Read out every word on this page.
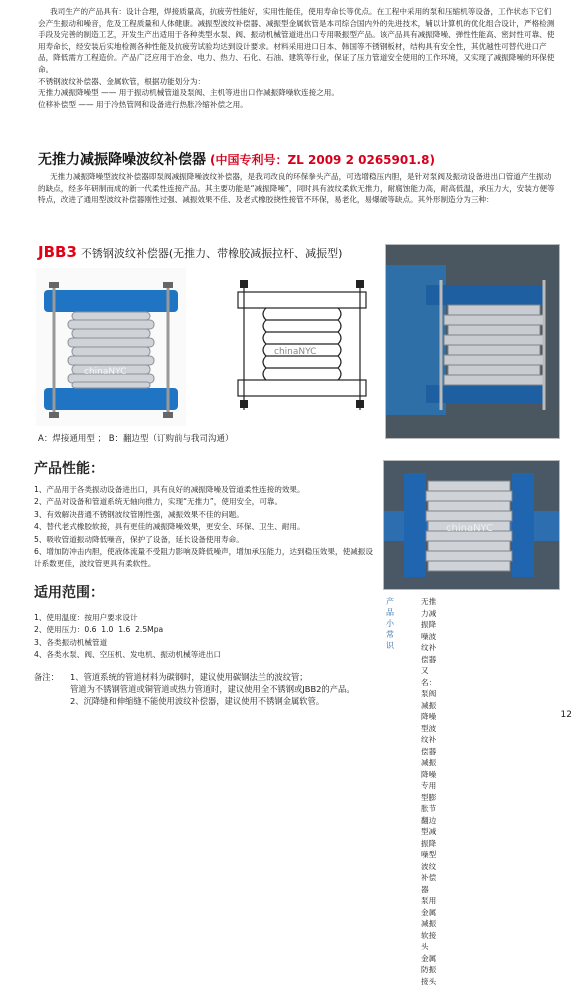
我司生产的产品具有：设计合理，焊接质量高，抗疲劳性能好，实用性能佳，使用寿命长等优点。在工程中采用的泵和压缩机等设备，工作状态下它们会产生振动和噪音，危及工程质量和人体健康。减振型波纹补偿器、减振型金属软管是本司综合国内外的先进技术，辅以计算机的优化组合设计，严格检测手段及完善的制造工艺，开发生产出适用于各种类型水泵、阀、振动机械管道进出口专用吸振型产品。该产品具有减振降噪、弹性性能高、密封性可靠、使用寿命长，经安装后实地检测各种性能及抗疲劳试验均达到设计要求。材料采用进口日本、韩国等不锈钢板材，结构具有安全性，其优越性可替代进口产品，降低需方工程造价。产品广泛应用于冶金、电力、热力、石化、石油、建筑等行业，保证了压力管道安全使用的工作环境，又实现了减振降噪的环保使命。
不锈钢波纹补偿器、金属软管，根据功能划分为：
无推力减振降噪型 —— 用于振动机械管道及泵阀、主机等进出口作减振降噪软连接之用。
位移补偿型 —— 用于冷热管网和设备进行热胀冷缩补偿之用。
无推力减振降噪波纹补偿器 (中国专利号：ZL 2009 2 0265901.8)
无推力减振降噪型波纹补偿器即泵阀减振降噪波纹补偿器，是我司改良的环保拳头产品，可选增稳压内胆，是针对泵阀及振动设备进出口管道产生振动的缺点，经多年研制而成的新一代柔性连接产品。其主要功能是“减振降噪”，同时具有波纹柔软无推力，耐腐蚀能力高，耐高低温，承压力大，安装方便等特点，改进了通用型波纹补偿器刚性过强、减振效果不佳、及老式橡胶挠性接管不环保，易老化，易爆破等缺点。其外形制造分为三种：
JBB3 不锈钢波纹补偿器(无推力、带橡胶减振拉杆、减振型)
chinaNYC
chinaNYC
chinaNYC
A：焊接通用型 ； B：翻边型（订购前与我司沟通）
产品性能：
1、产品用于各类振动设备进出口，具有良好的减振降噪及管道柔性连接的效果。
2、产品对设备和管道系统无轴向推力，实现“无推力”，使用安全，可靠。
3、有效解决普通不锈钢波纹管刚性强，减振效果不佳的问题。
4、替代老式橡胶软接，具有更佳的减振降噪效果，更安全、环保、卫生、耐用。
5、吸收管道振动降低噪音，保护了设备，延长设备使用寿命。
6、增加防冲击内胆，使液体流量不受阻力影响及降低噪声，增加承压能力，达到稳压效果，使减振设计系数更佳，波纹管更具有柔软性。
适用范围：
1、使用温度：按用户要求设计
2、使用压力：0.6  1.0  1.6  2.5Mpa
3、各类振动机械管道
4、各类水泵、阀、空压机、发电机、振动机械等进出口
备注： 1、管道系统的管道材料为碳钢时，建议使用碳钢法兰的波纹管；
管道为不锈钢管道或铜管道或热力管道时，建议使用全不锈钢或JBB2的产品。
2、沉降缝和伸缩缝不能使用波纹补偿器，建议使用不锈钢金属软管。
产品小常识
无推力减振降噪波纹补偿器
又名：泵阀减振降噪型波纹补偿器
减振降噪专用型膨胀节
翻边型减振降噪型波纹补偿器
泵用金属减振软接头
金属防振接头
12
